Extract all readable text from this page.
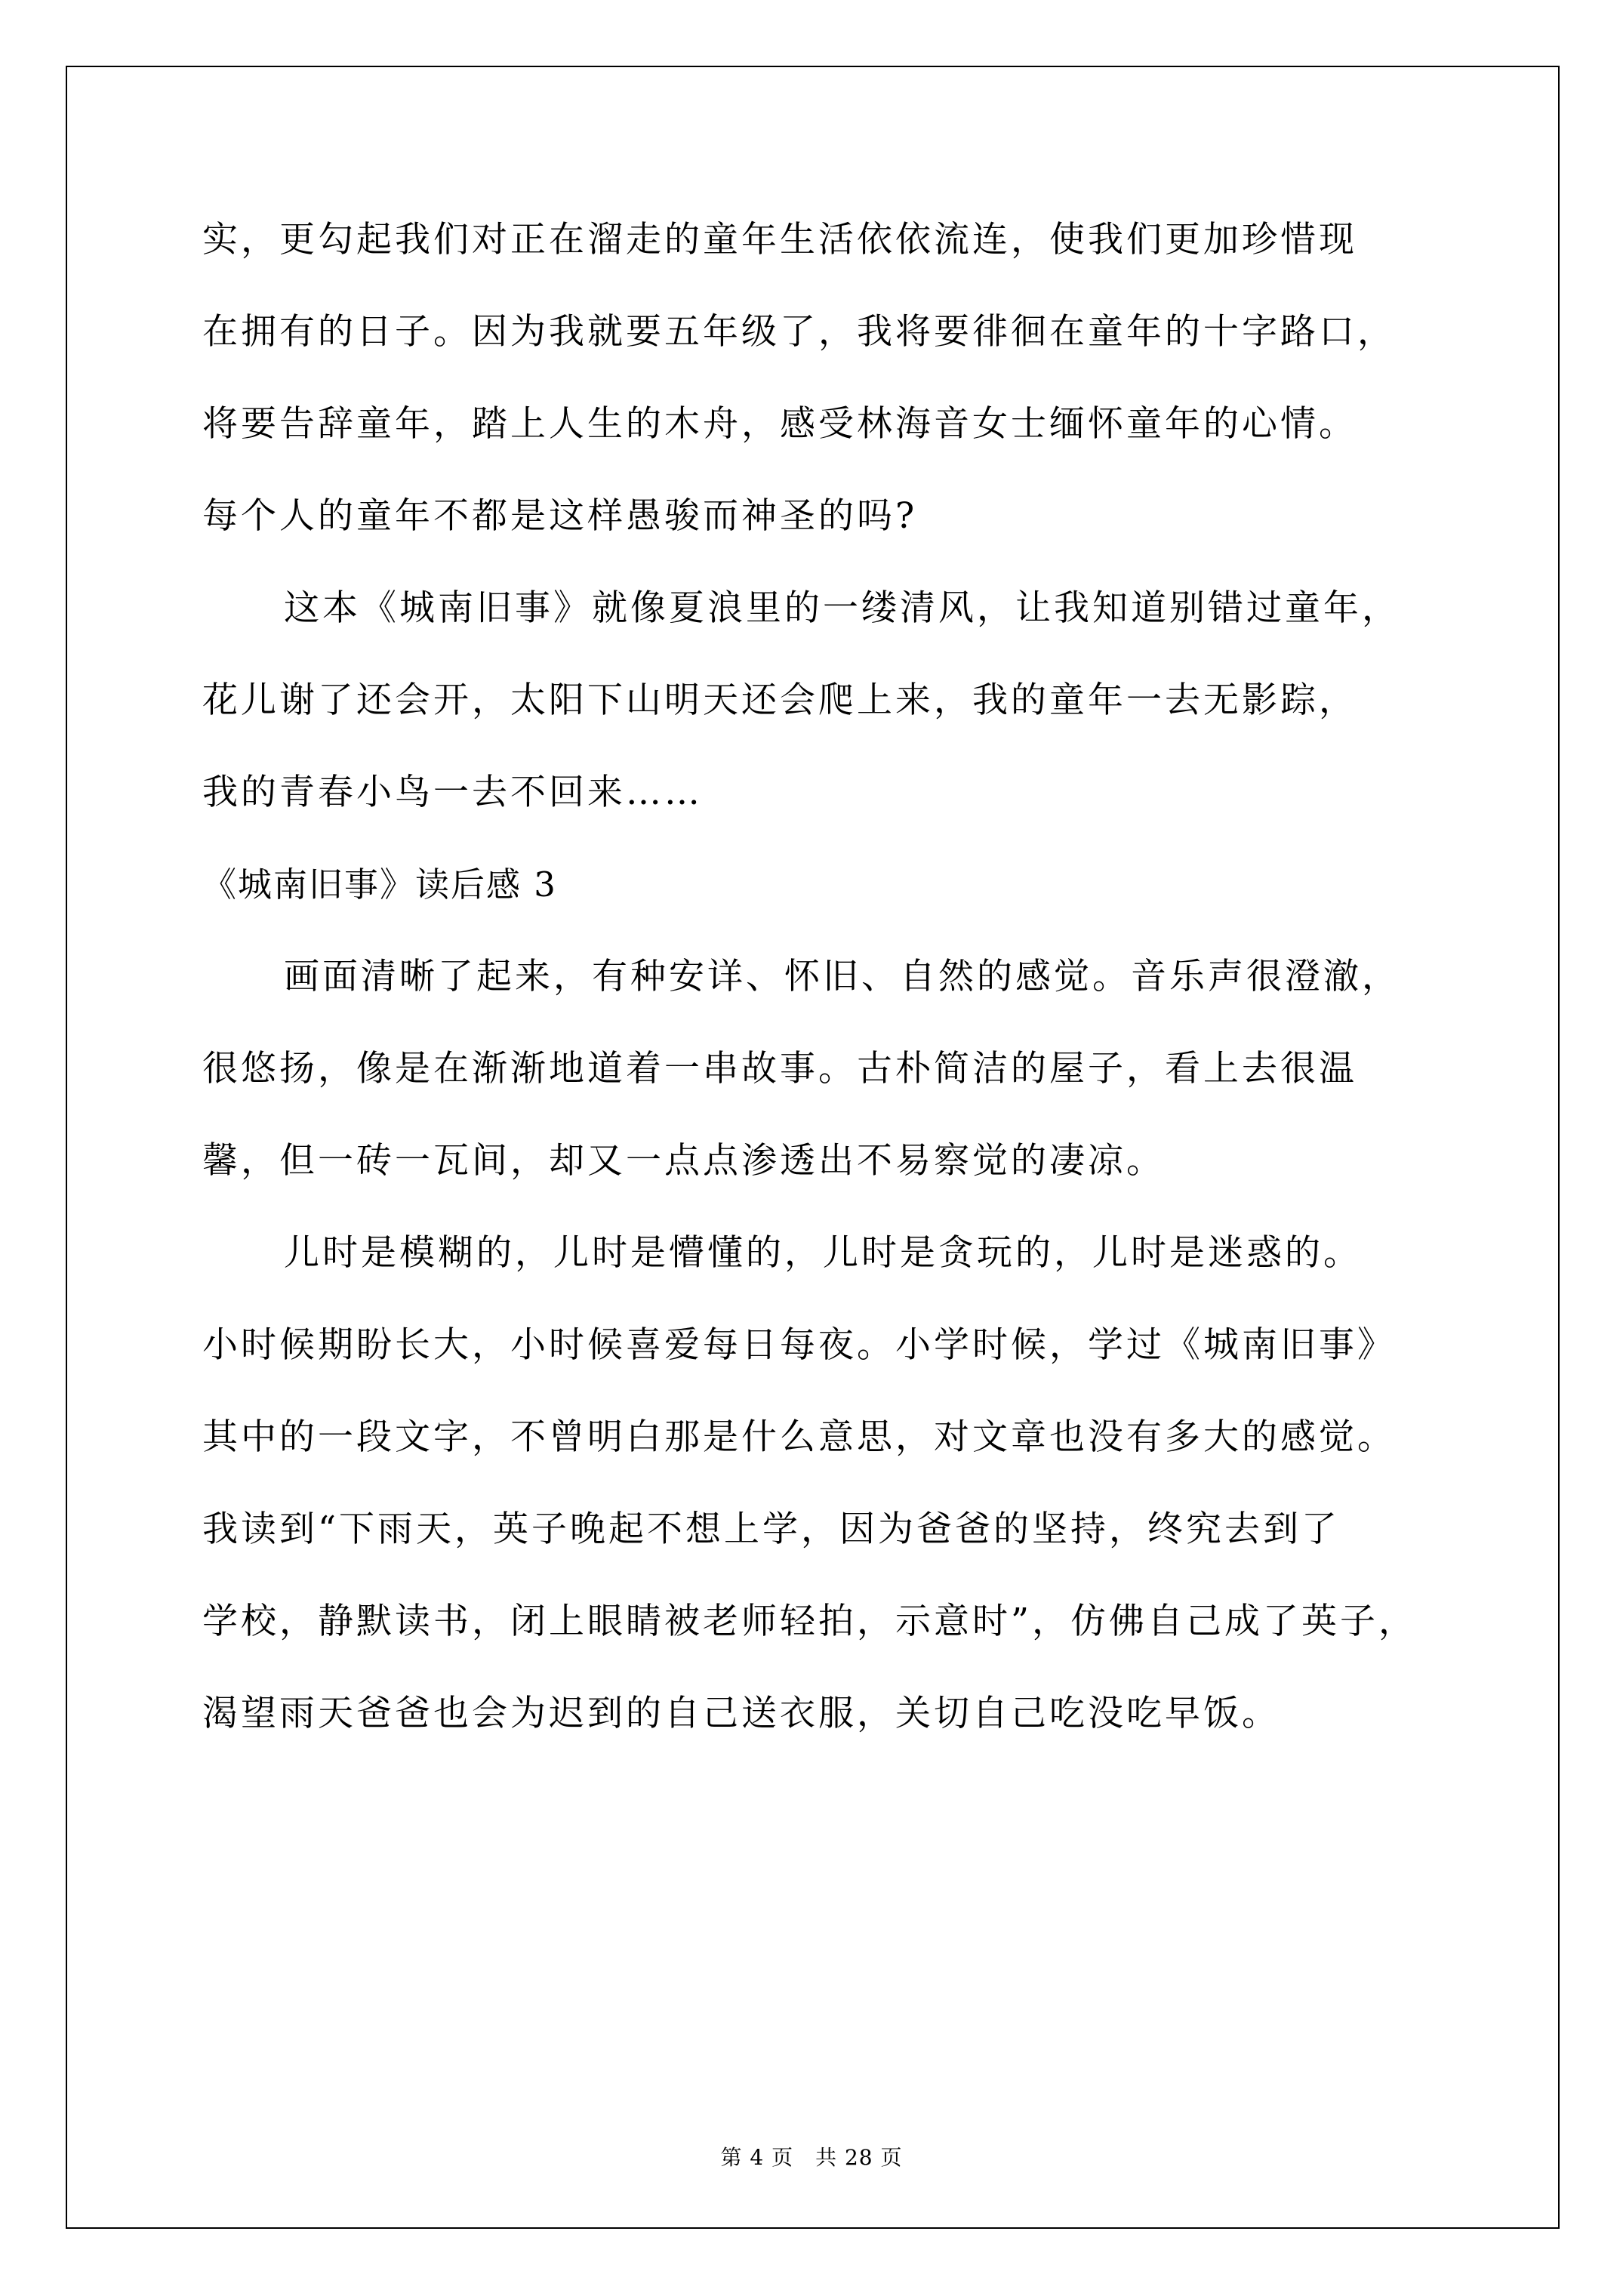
实，更勾起我们对正在溜走的童年生活依依流连，使我们更加珍惜现
在拥有的日子。因为我就要五年级了，我将要徘徊在童年的十字路口，
将要告辞童年，踏上人生的木舟，感受林海音女士缅怀童年的心情。
每个人的童年不都是这样愚骏而神圣的吗?
这本《城南旧事》就像夏浪里的一缕清风，让我知道别错过童年，
花儿谢了还会开，太阳下山明天还会爬上来，我的童年一去无影踪，
我的青春小鸟一去不回来……
《城南旧事》读后感 3
画面清晰了起来，有种安详、怀旧、自然的感觉。音乐声很澄澈，
很悠扬，像是在渐渐地道着一串故事。古朴简洁的屋子，看上去很温
馨，但一砖一瓦间，却又一点点渗透出不易察觉的凄凉。
儿时是模糊的，儿时是懵懂的，儿时是贪玩的，儿时是迷惑的。
小时候期盼长大，小时候喜爱每日每夜。小学时候，学过《城南旧事》
其中的一段文字，不曾明白那是什么意思，对文章也没有多大的感觉。
我读到“下雨天，英子晚起不想上学，因为爸爸的坚持，终究去到了
学校，静默读书，闭上眼睛被老师轻拍，示意时”，仿佛自己成了英子，
渴望雨天爸爸也会为迟到的自己送衣服，关切自己吃没吃早饭。
第 4 页　共 28 页
